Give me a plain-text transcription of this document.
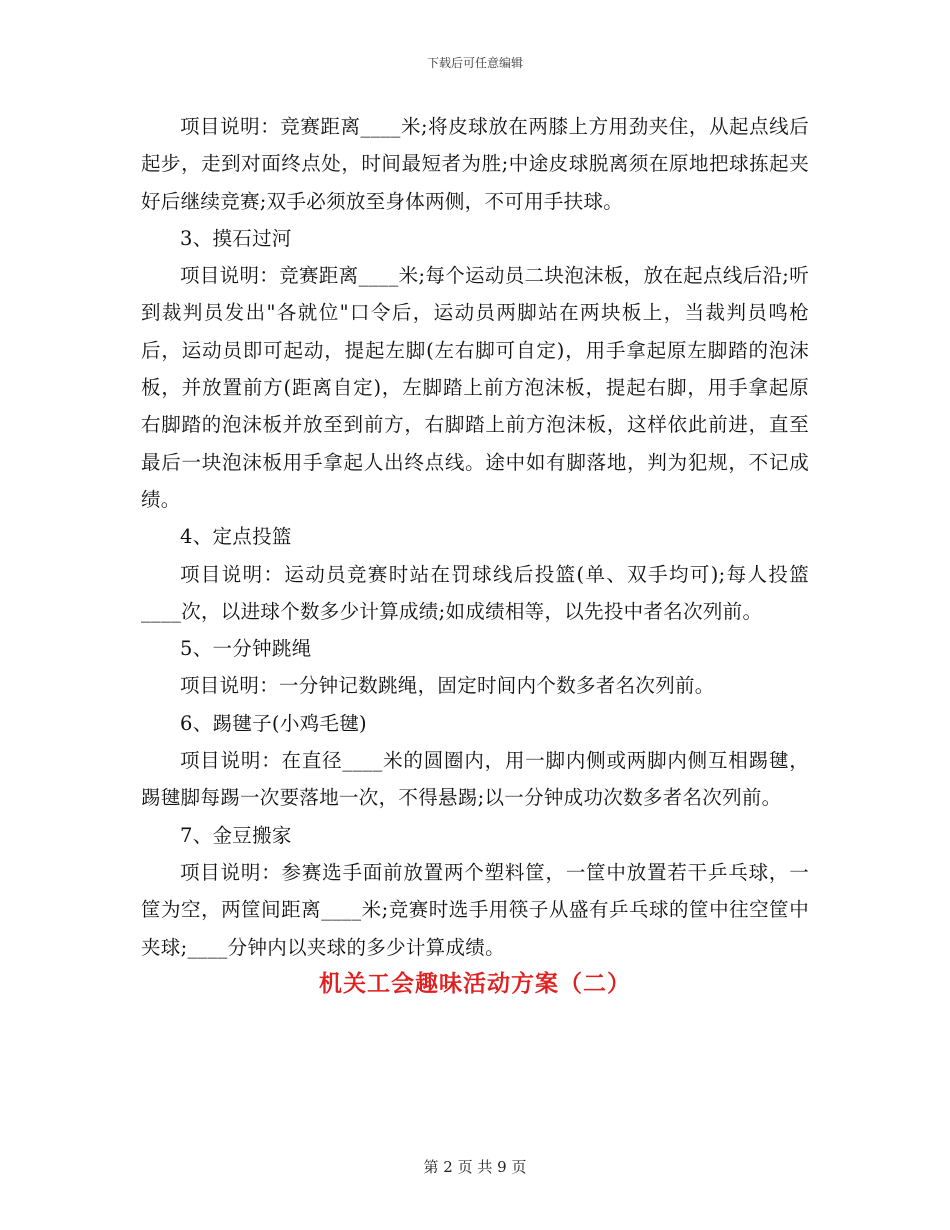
下载后可任意编辑

项目说明：竞赛距离____米;将皮球放在两膝上方用劲夹住，从起点线后起步，走到对面终点处，时间最短者为胜;中途皮球脱离须在原地把球拣起夹好后继续竞赛;双手必须放至身体两侧，不可用手扶球。

3、摸石过河

项目说明：竞赛距离____米;每个运动员二块泡沫板，放在起点线后沿;听到裁判员发出"各就位"口令后，运动员两脚站在两块板上，当裁判员鸣枪后，运动员即可起动，提起左脚(左右脚可自定)，用手拿起原左脚踏的泡沫板，并放置前方(距离自定)，左脚踏上前方泡沫板，提起右脚，用手拿起原右脚踏的泡沫板并放至到前方，右脚踏上前方泡沫板，这样依此前进，直至最后一块泡沫板用手拿起人出终点线。途中如有脚落地，判为犯规，不记成绩。

4、定点投篮

项目说明：运动员竞赛时站在罚球线后投篮(单、双手均可);每人投篮____次，以进球个数多少计算成绩;如成绩相等，以先投中者名次列前。

5、一分钟跳绳

项目说明：一分钟记数跳绳，固定时间内个数多者名次列前。

6、踢毽子(小鸡毛毽)

项目说明：在直径____米的圆圈内，用一脚内侧或两脚内侧互相踢毽，踢毽脚每踢一次要落地一次，不得悬踢;以一分钟成功次数多者名次列前。

7、金豆搬家

项目说明：参赛选手面前放置两个塑料筐，一筐中放置若干乒乓球，一筐为空，两筐间距离____米;竞赛时选手用筷子从盛有乒乓球的筐中往空筐中夹球;____分钟内以夹球的多少计算成绩。

机关工会趣味活动方案（二）

第 2 页 共 9 页
